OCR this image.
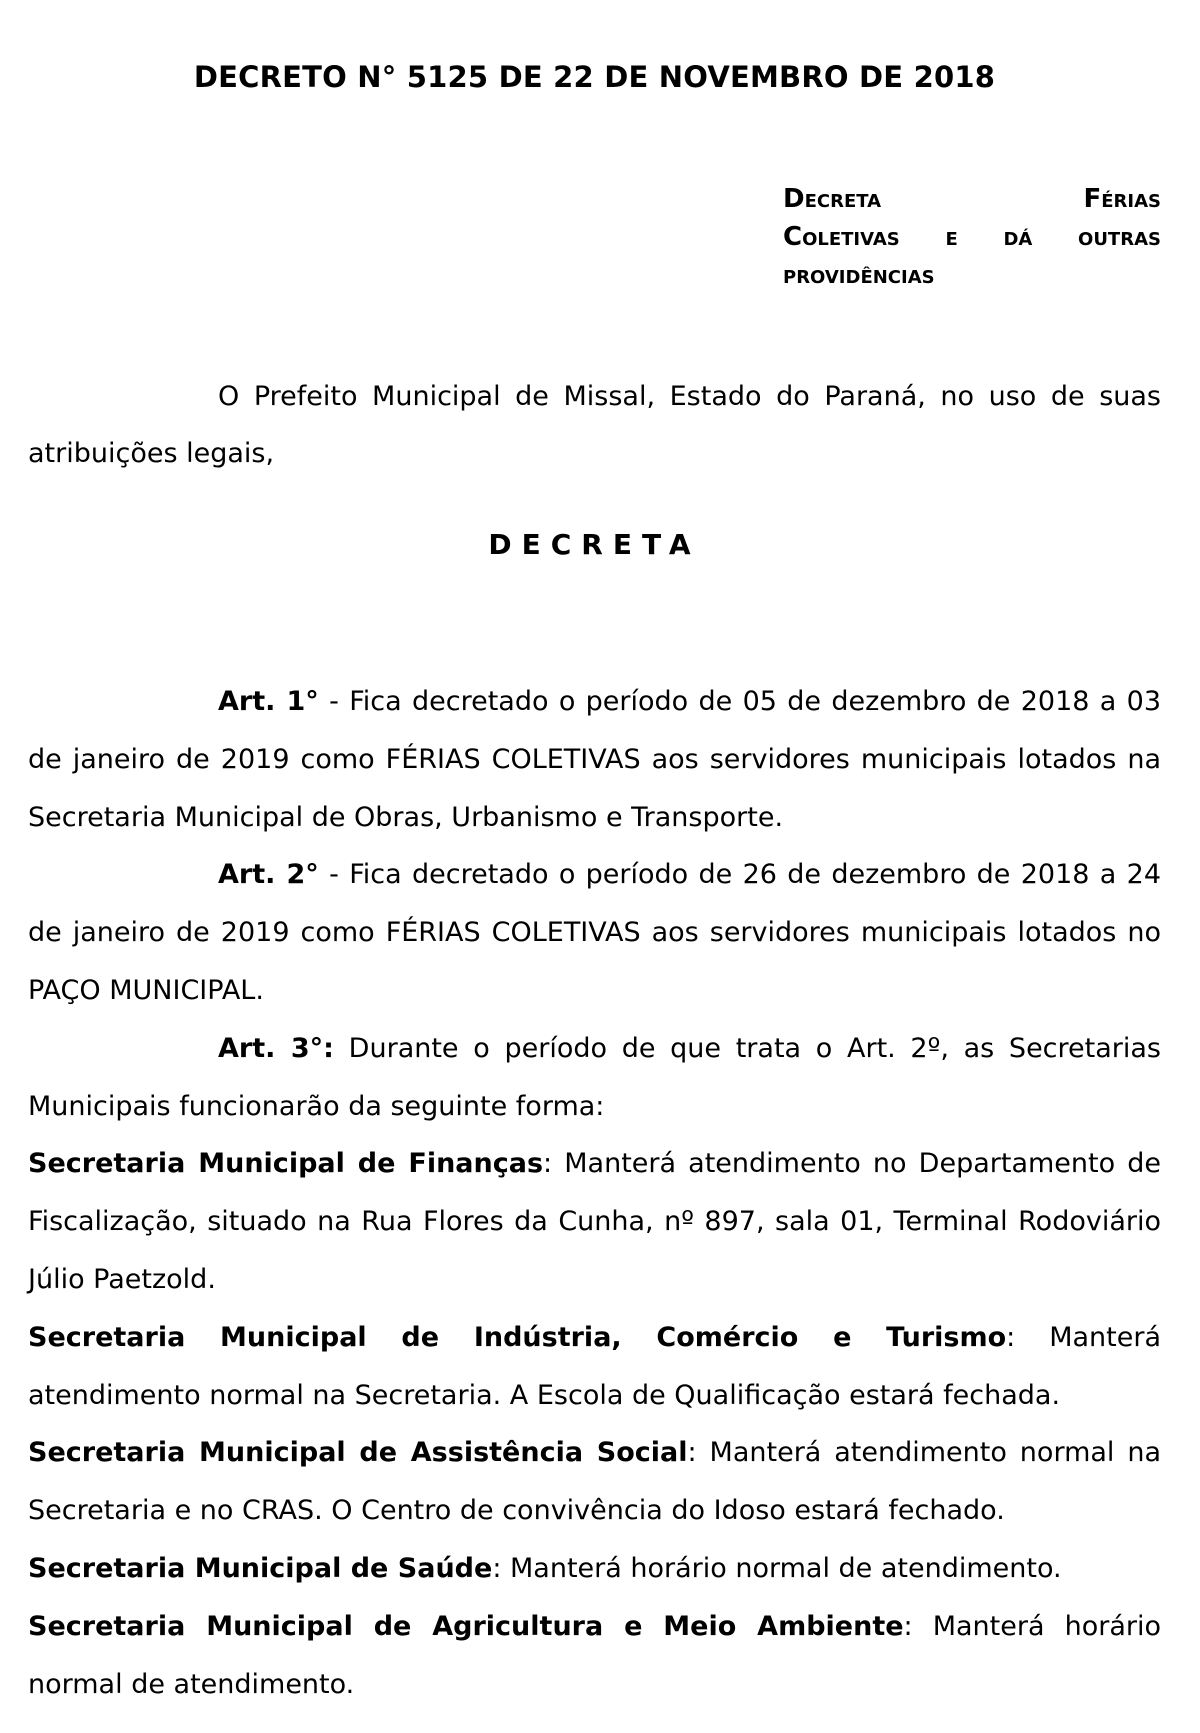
DECRETO N° 5125 DE 22 DE NOVEMBRO DE 2018
Decreta	Férias
Coletivas e dá outras
providências

O Prefeito Municipal de Missal, Estado do Paraná, no uso de suas atribuições legais,

DECRETA

Art. 1° - Fica decretado o período de 05 de dezembro de 2018 a 03 de janeiro de 2019 como FÉRIAS COLETIVAS aos servidores municipais lotados na Secretaria Municipal de Obras, Urbanismo e Transporte.

Art. 2° - Fica decretado o período de 26 de dezembro de 2018 a 24 de janeiro de 2019 como FÉRIAS COLETIVAS aos servidores municipais lotados no PAÇO MUNICIPAL.

Art. 3°: Durante o período de que trata o Art. 2º, as Secretarias Municipais funcionarão da seguinte forma:

Secretaria Municipal de Finanças: Manterá atendimento no Departamento de Fiscalização, situado na Rua Flores da Cunha, nº 897, sala 01, Terminal Rodoviário Júlio Paetzold.

Secretaria Municipal de Indústria, Comércio e Turismo: Manterá atendimento normal na Secretaria. A Escola de Qualificação estará fechada.

Secretaria Municipal de Assistência Social: Manterá atendimento normal na Secretaria e no CRAS. O Centro de convivência do Idoso estará fechado.

Secretaria Municipal de Saúde: Manterá horário normal de atendimento.

Secretaria Municipal de Agricultura e Meio Ambiente: Manterá horário normal de atendimento.
